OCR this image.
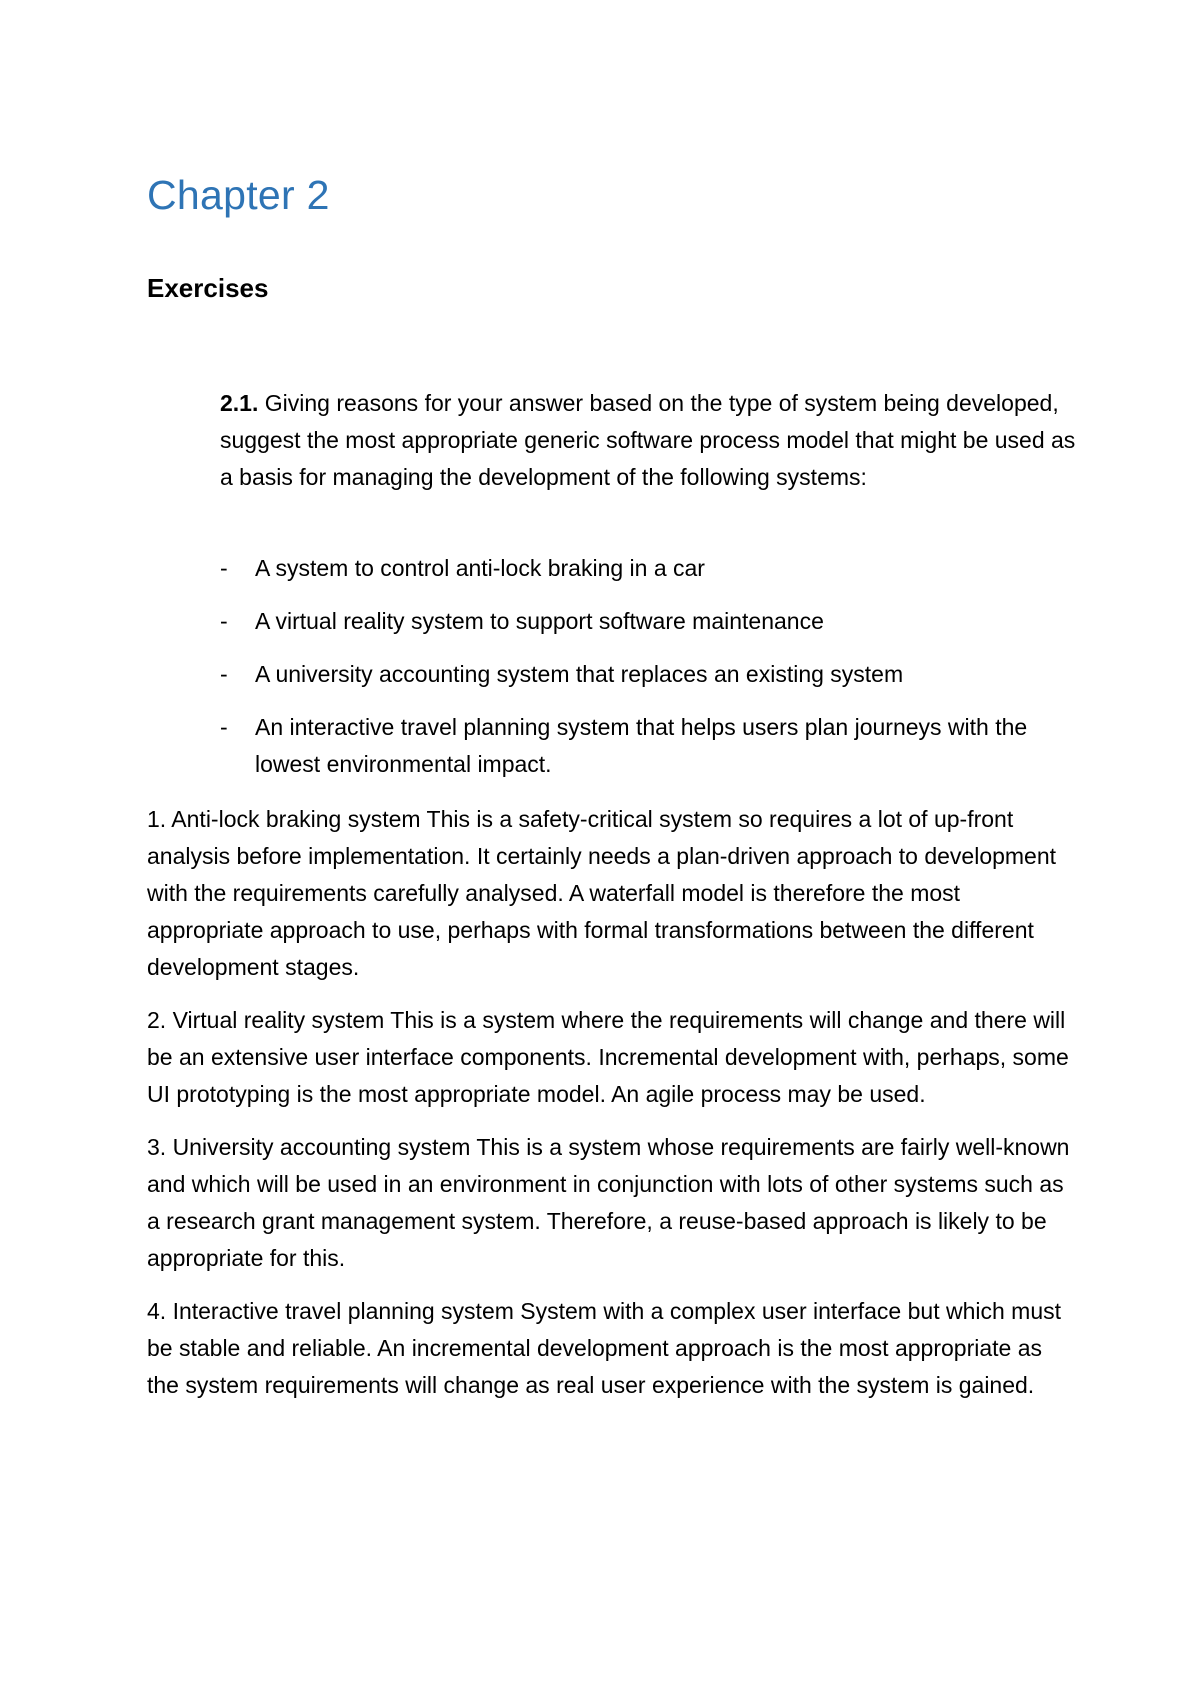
Chapter 2
Exercises

2.1. Giving reasons for your answer based on the type of system being developed, suggest the most appropriate generic software process model that might be used as a basis for managing the development of the following systems:

- A system to control anti-lock braking in a car
- A virtual reality system to support software maintenance
- A university accounting system that replaces an existing system
- An interactive travel planning system that helps users plan journeys with the lowest environmental impact.

1. Anti-lock braking system This is a safety-critical system so requires a lot of up-front analysis before implementation. It certainly needs a plan-driven approach to development with the requirements carefully analysed. A waterfall model is therefore the most appropriate approach to use, perhaps with formal transformations between the different development stages.

2. Virtual reality system This is a system where the requirements will change and there will be an extensive user interface components. Incremental development with, perhaps, some UI prototyping is the most appropriate model. An agile process may be used.

3. University accounting system This is a system whose requirements are fairly well-known and which will be used in an environment in conjunction with lots of other systems such as a research grant management system. Therefore, a reuse-based approach is likely to be appropriate for this.

4. Interactive travel planning system System with a complex user interface but which must be stable and reliable. An incremental development approach is the most appropriate as the system requirements will change as real user experience with the system is gained.
